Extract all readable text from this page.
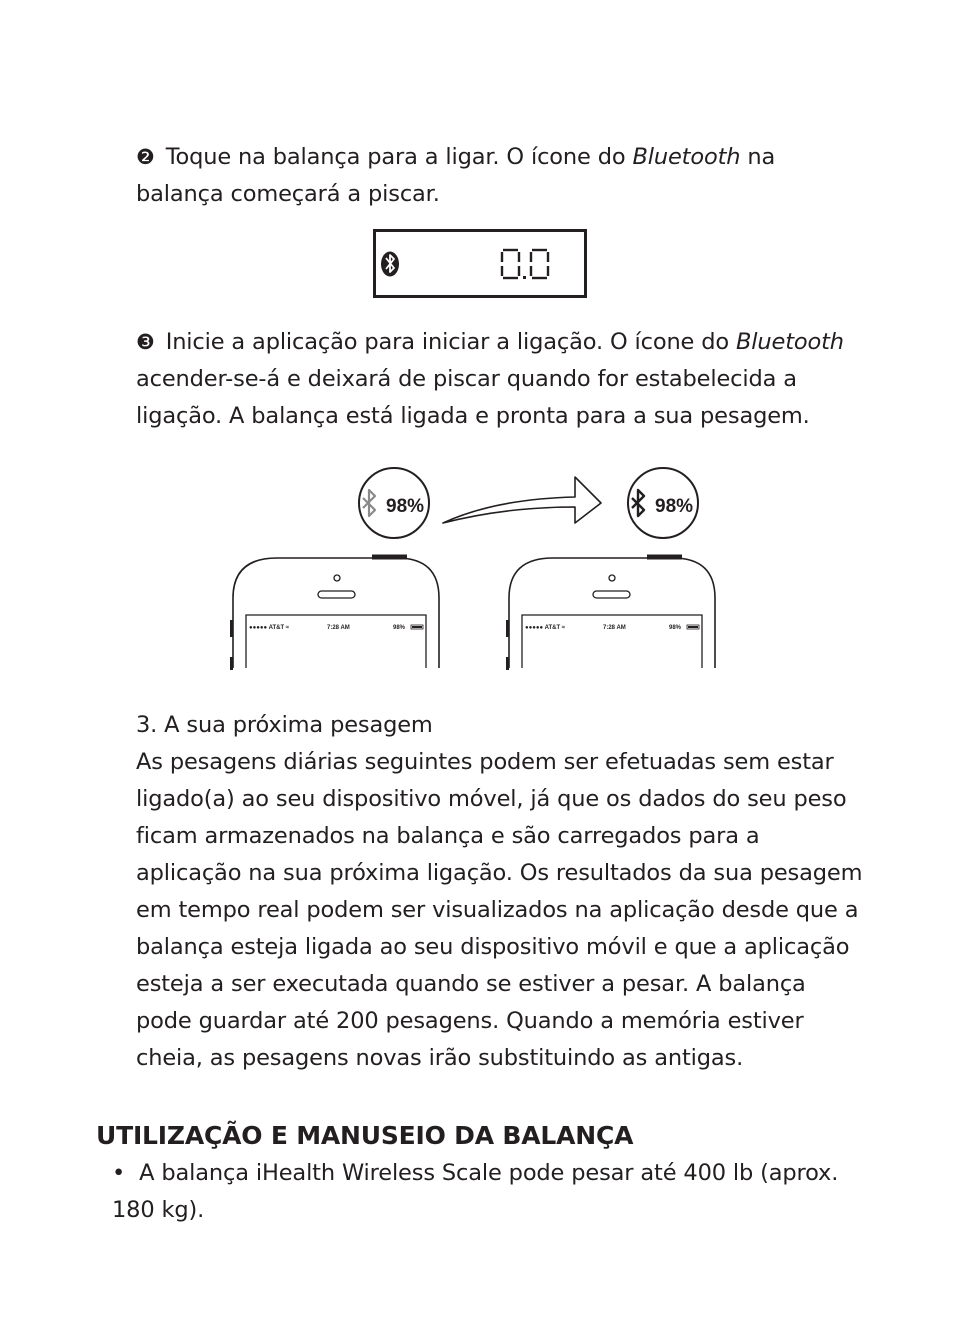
❷ Toque na balança para a ligar. O ícone do Bluetooth na balança começará a piscar.

❸ Inicie a aplicação para iniciar a ligação. O ícone do Bluetooth acender-se-á e deixará de piscar quando for estabelecida a ligação. A balança está ligada e pronta para a sua pesagem.

98%
●●●●● AT&T ≈	7:28 AM	98%
98%
●●●●● AT&T ≈	7:28 AM	98%
3. A sua próxima pesagem
As pesagens diárias seguintes podem ser efetuadas sem estar ligado(a) ao seu dispositivo móvel, já que os dados do seu peso ficam armazenados na balança e são carregados para a aplicação na sua próxima ligação. Os resultados da sua pesagem em tempo real podem ser visualizados na aplicação desde que a balança esteja ligada ao seu dispositivo móvil e que a aplicação esteja a ser executada quando se estiver a pesar. A balança pode guardar até 200 pesagens. Quando a memória estiver cheia, as pesagens novas irão substituindo as antigas.
UTILIZAÇÃO E MANUSEIO DA BALANÇA

• A balança iHealth Wireless Scale pode pesar até 400 lb (aprox. 180 kg).
